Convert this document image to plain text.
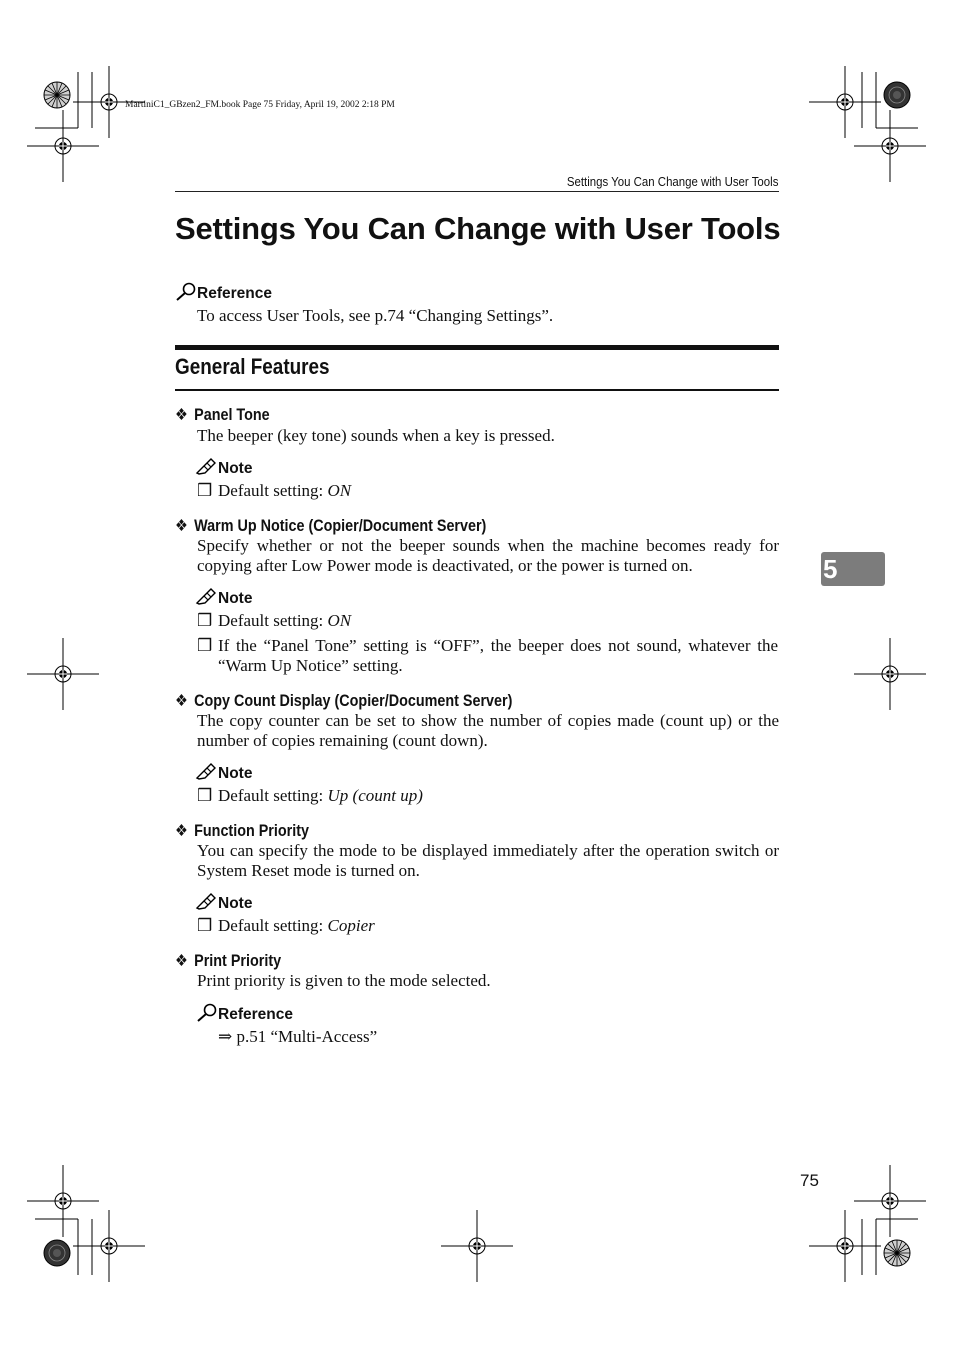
MartiniC1_GBzen2_FM.book Page 75 Friday, April 19, 2002 2:18 PM
Settings You Can Change with User Tools
Settings You Can Change with User Tools
Reference
To access User Tools, see p.74 “Changing Settings”.
General Features
❖ Panel Tone
The beeper (key tone) sounds when a key is pressed.
Note
❒ Default setting: ON
❖ Warm Up Notice (Copier/Document Server)
Specify whether or not the beeper sounds when the machine becomes ready for copying after Low Power mode is deactivated, or the power is turned on.
Note
❒ Default setting: ON
❒ If the “Panel Tone” setting is “OFF”, the beeper does not sound, whatever the “Warm Up Notice” setting.
❖ Copy Count Display (Copier/Document Server)
The copy counter can be set to show the number of copies made (count up) or the number of copies remaining (count down).
Note
❒ Default setting: Up (count up)
❖ Function Priority
You can specify the mode to be displayed immediately after the operation switch or System Reset mode is turned on.
Note
❒ Default setting: Copier
❖ Print Priority
Print priority is given to the mode selected.
Reference
⇒ p.51 “Multi-Access”
5
75
